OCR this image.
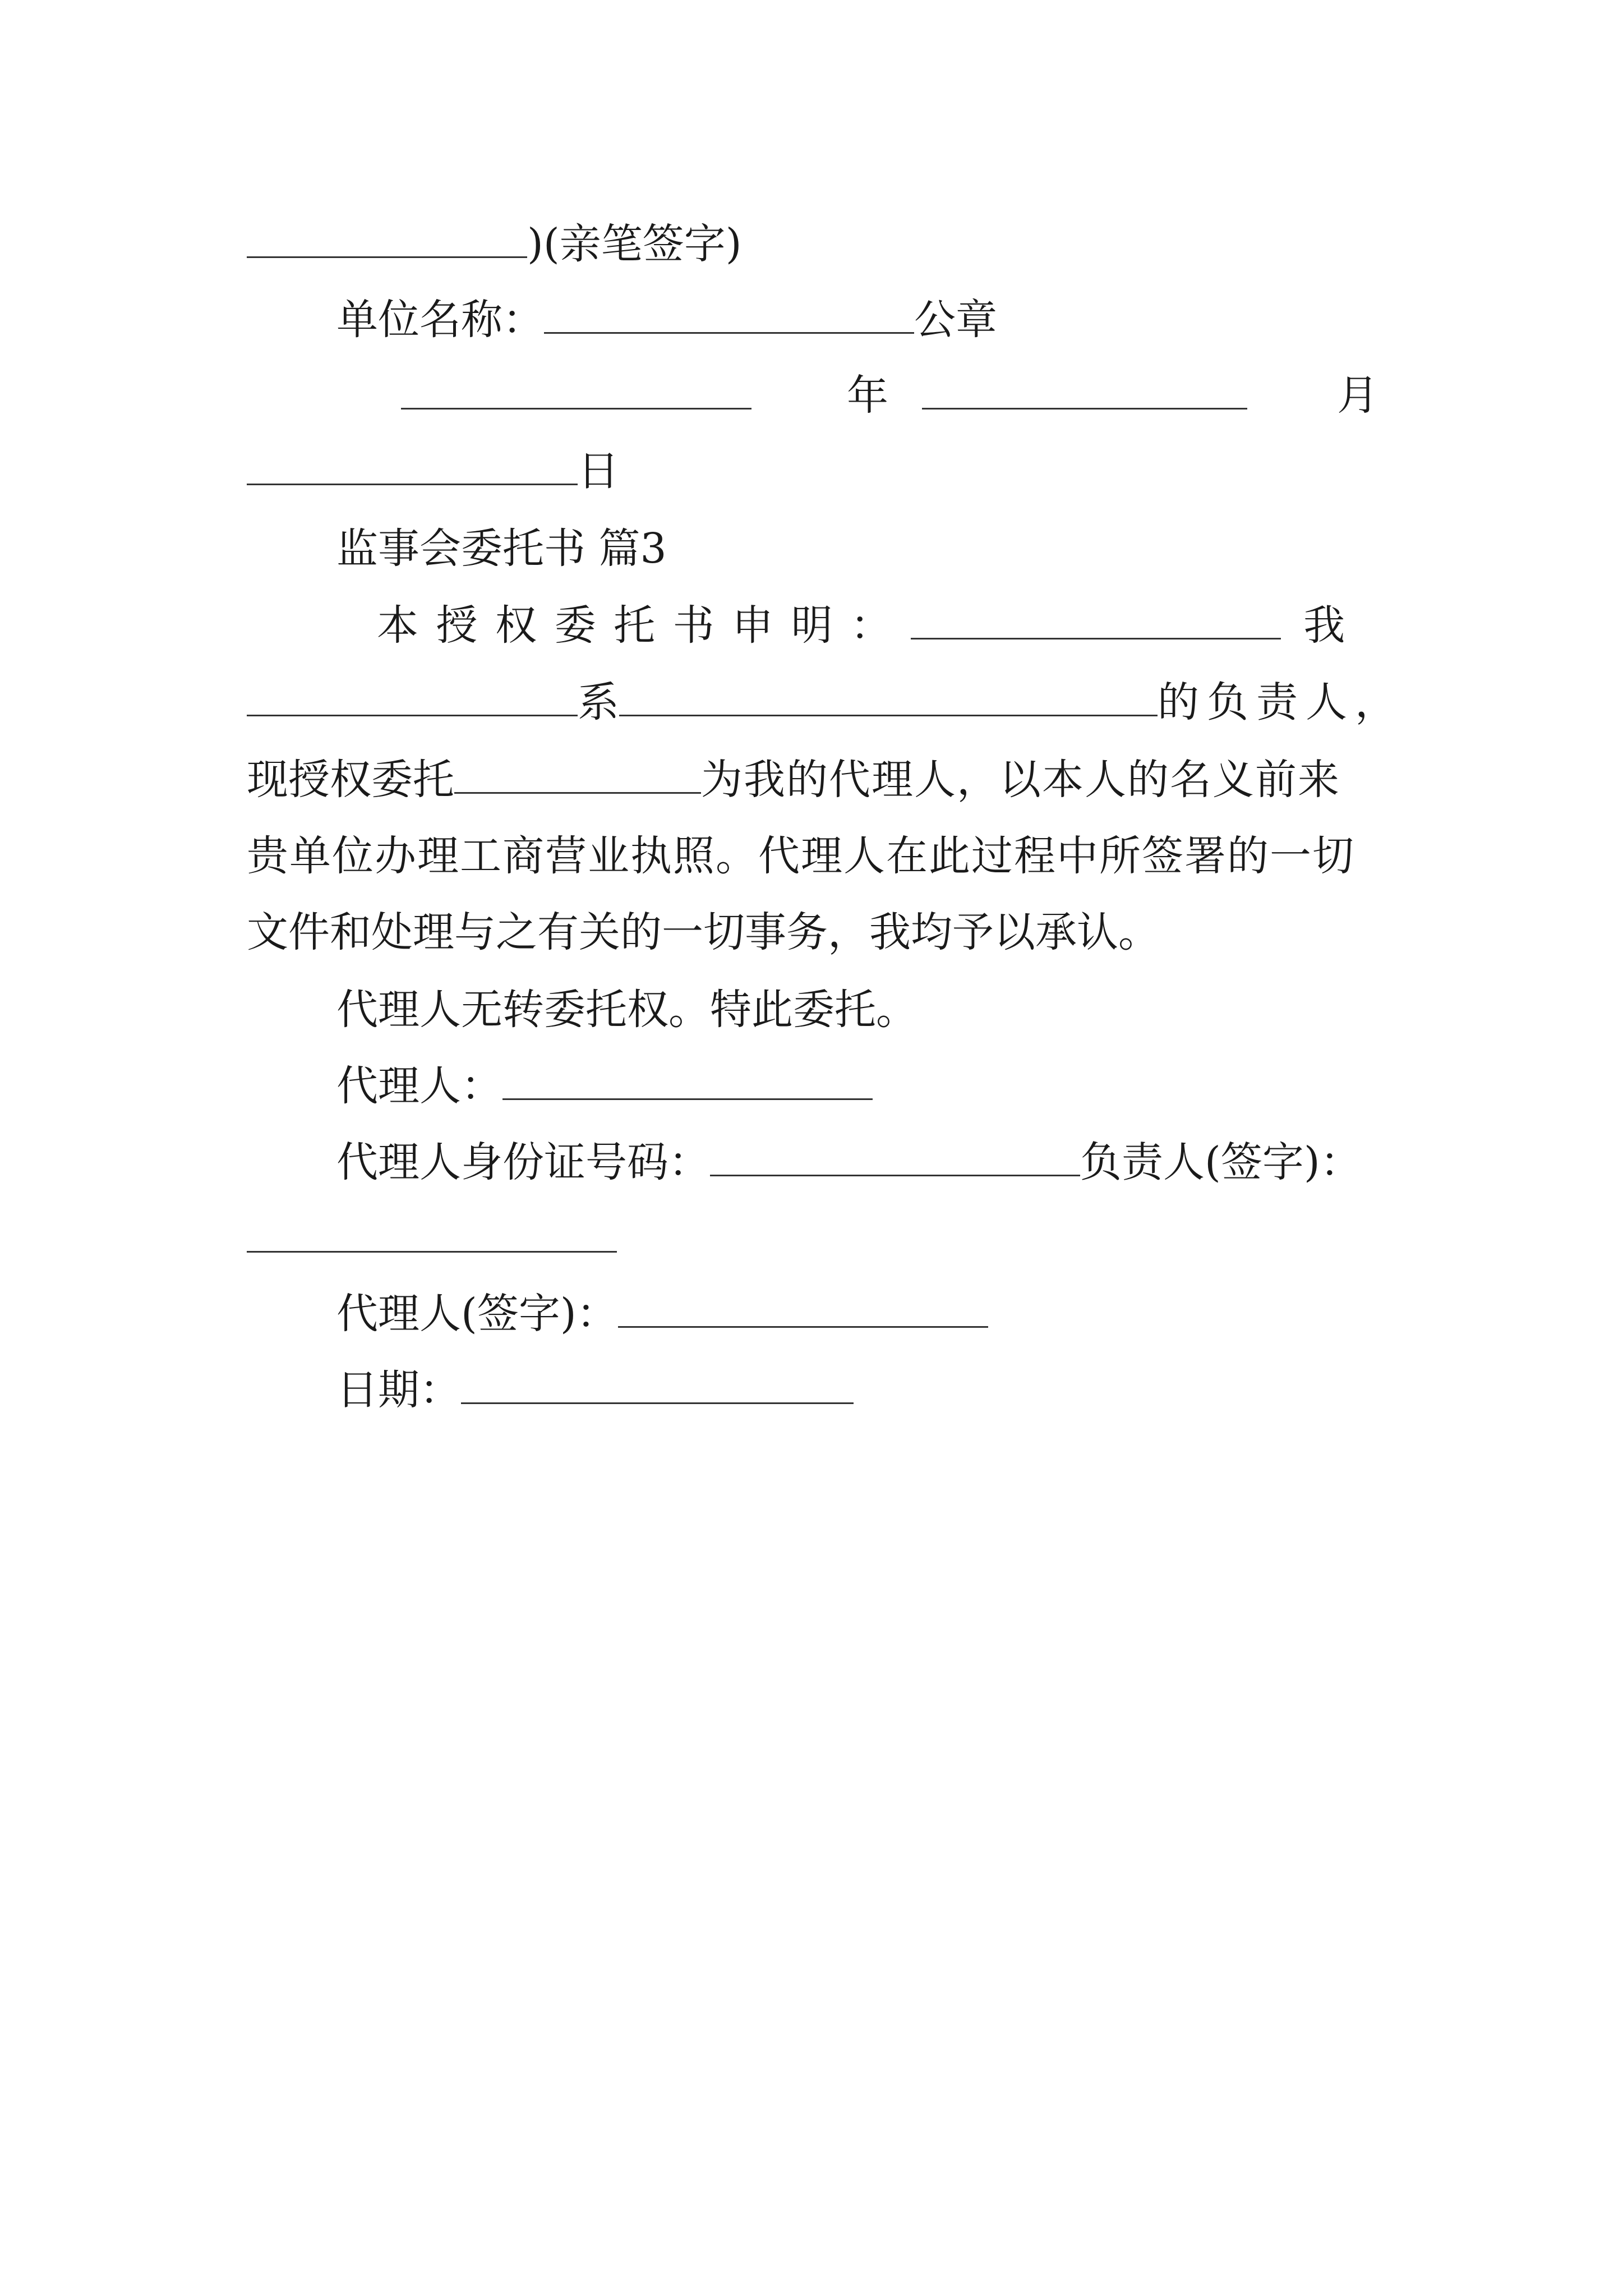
)(亲笔签字)
单位名称：	公章
年	月
日
监事会委托书 篇3
本 授 权 委 托 书 申 明 ：	我
系	的负责人，
现授权委托	为我的代理人，以本人的名义前来
贵单位办理工商营业执照。代理人在此过程中所签署的一切
文件和处理与之有关的一切事务，我均予以承认。
代理人无转委托权。特此委托。
代理人：
代理人身份证号码：	负责人(签字)：
代理人(签字)：
日期：
